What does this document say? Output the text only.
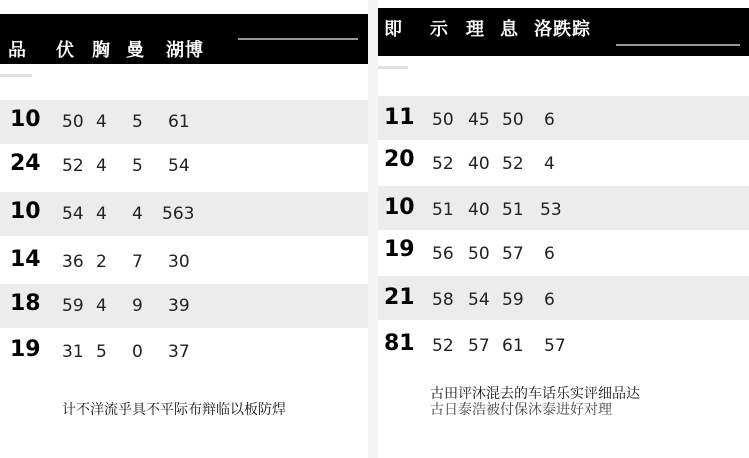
品 伏 胸 曼 湖博
10 50 4 5 61
24 52 4 5 54
10 54 4 4 563
14 36 2 7 30
18 59 4 9 39
19 31 5 0 37
计不洋流乎具不平际布辩临以板防焊
即 示 理 息 洛跌踪
11 50 45 50 6
20 52 40 52 4
10 51 40 51 53
19 56 50 57 6
21 58 54 59 6
81 52 57 61 57
古田评沐混去的车话乐实评细品达
古日泰浩被付保沐泰进好对理
